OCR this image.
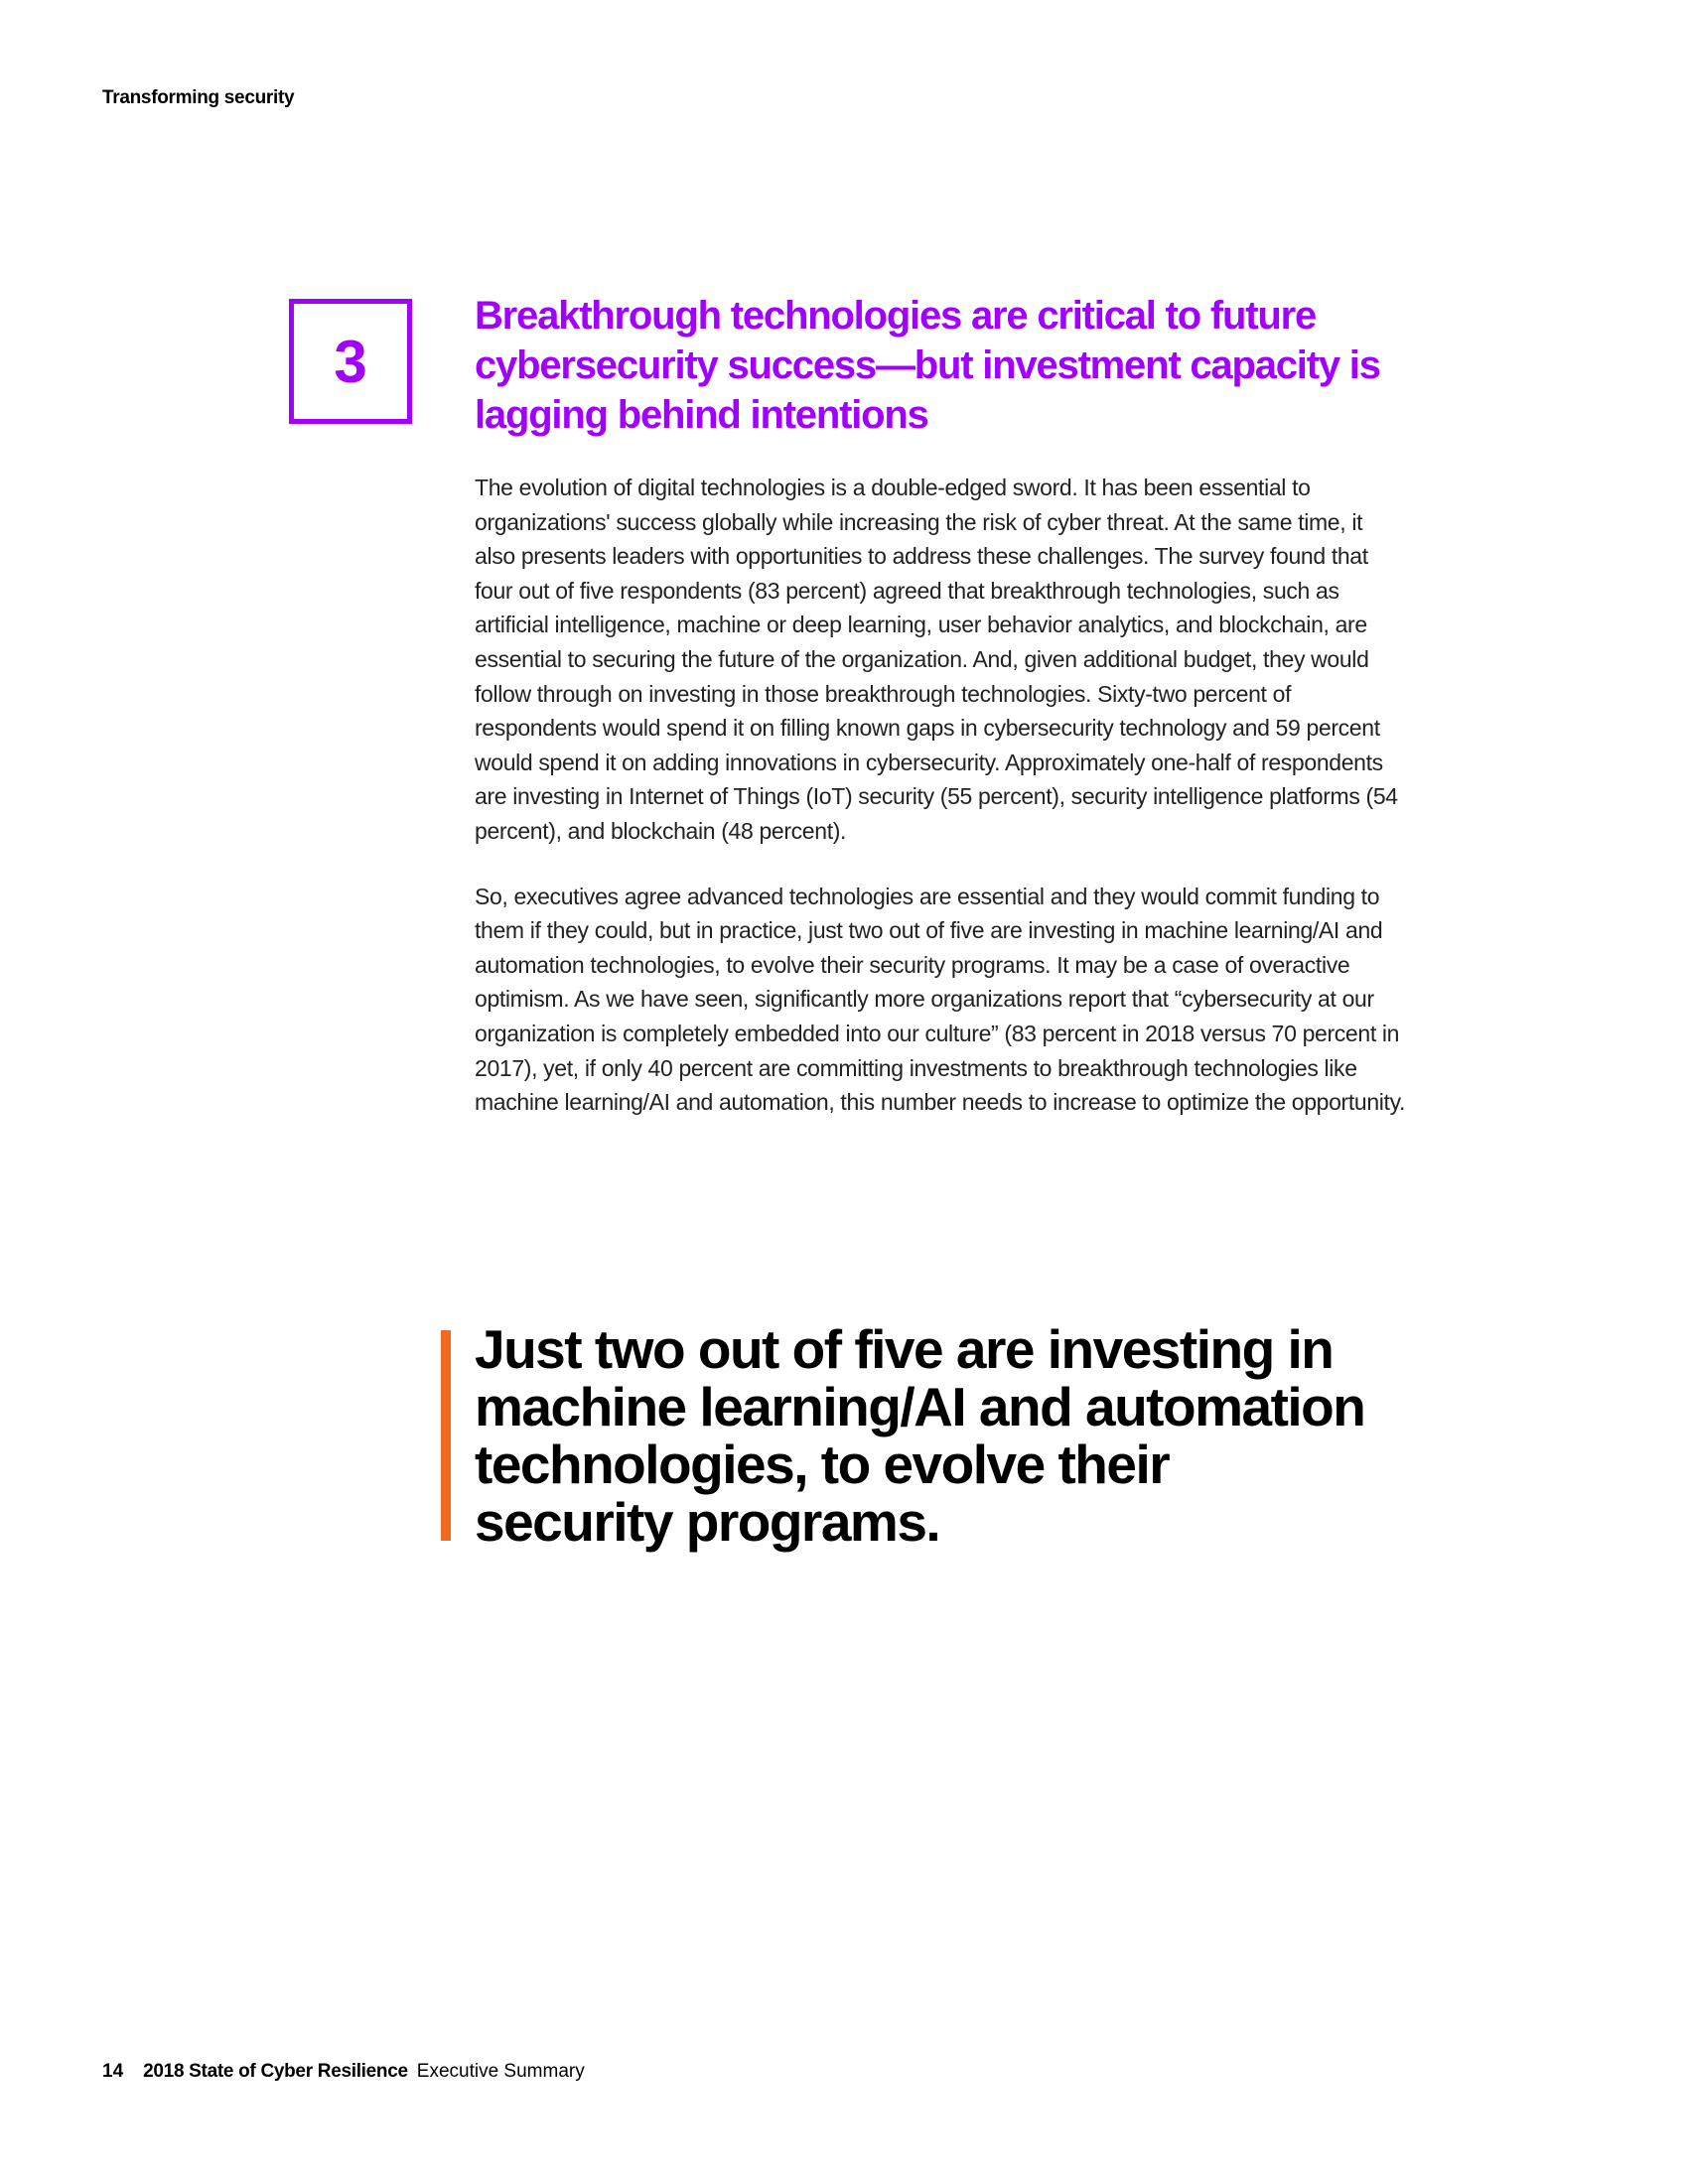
Transforming security
3
Breakthrough technologies are critical to future cybersecurity success—but investment capacity is lagging behind intentions

The evolution of digital technologies is a double-edged sword. It has been essential to organizations' success globally while increasing the risk of cyber threat. At the same time, it also presents leaders with opportunities to address these challenges. The survey found that four out of five respondents (83 percent) agreed that breakthrough technologies, such as artificial intelligence, machine or deep learning, user behavior analytics, and blockchain, are essential to securing the future of the organization. And, given additional budget, they would follow through on investing in those breakthrough technologies. Sixty-two percent of respondents would spend it on filling known gaps in cybersecurity technology and 59 percent would spend it on adding innovations in cybersecurity. Approximately one-half of respondents are investing in Internet of Things (IoT) security (55 percent), security intelligence platforms (54 percent), and blockchain (48 percent).

So, executives agree advanced technologies are essential and they would commit funding to them if they could, but in practice, just two out of five are investing in machine learning/AI and automation technologies, to evolve their security programs. It may be a case of overactive optimism. As we have seen, significantly more organizations report that “cybersecurity at our organization is completely embedded into our culture” (83 percent in 2018 versus 70 percent in 2017), yet, if only 40 percent are committing investments to breakthrough technologies like machine learning/AI and automation, this number needs to increase to optimize the opportunity.

Just two out of five are investing in machine learning/AI and automation technologies, to evolve their security programs.

14 2018 State of Cyber Resilience Executive Summary
